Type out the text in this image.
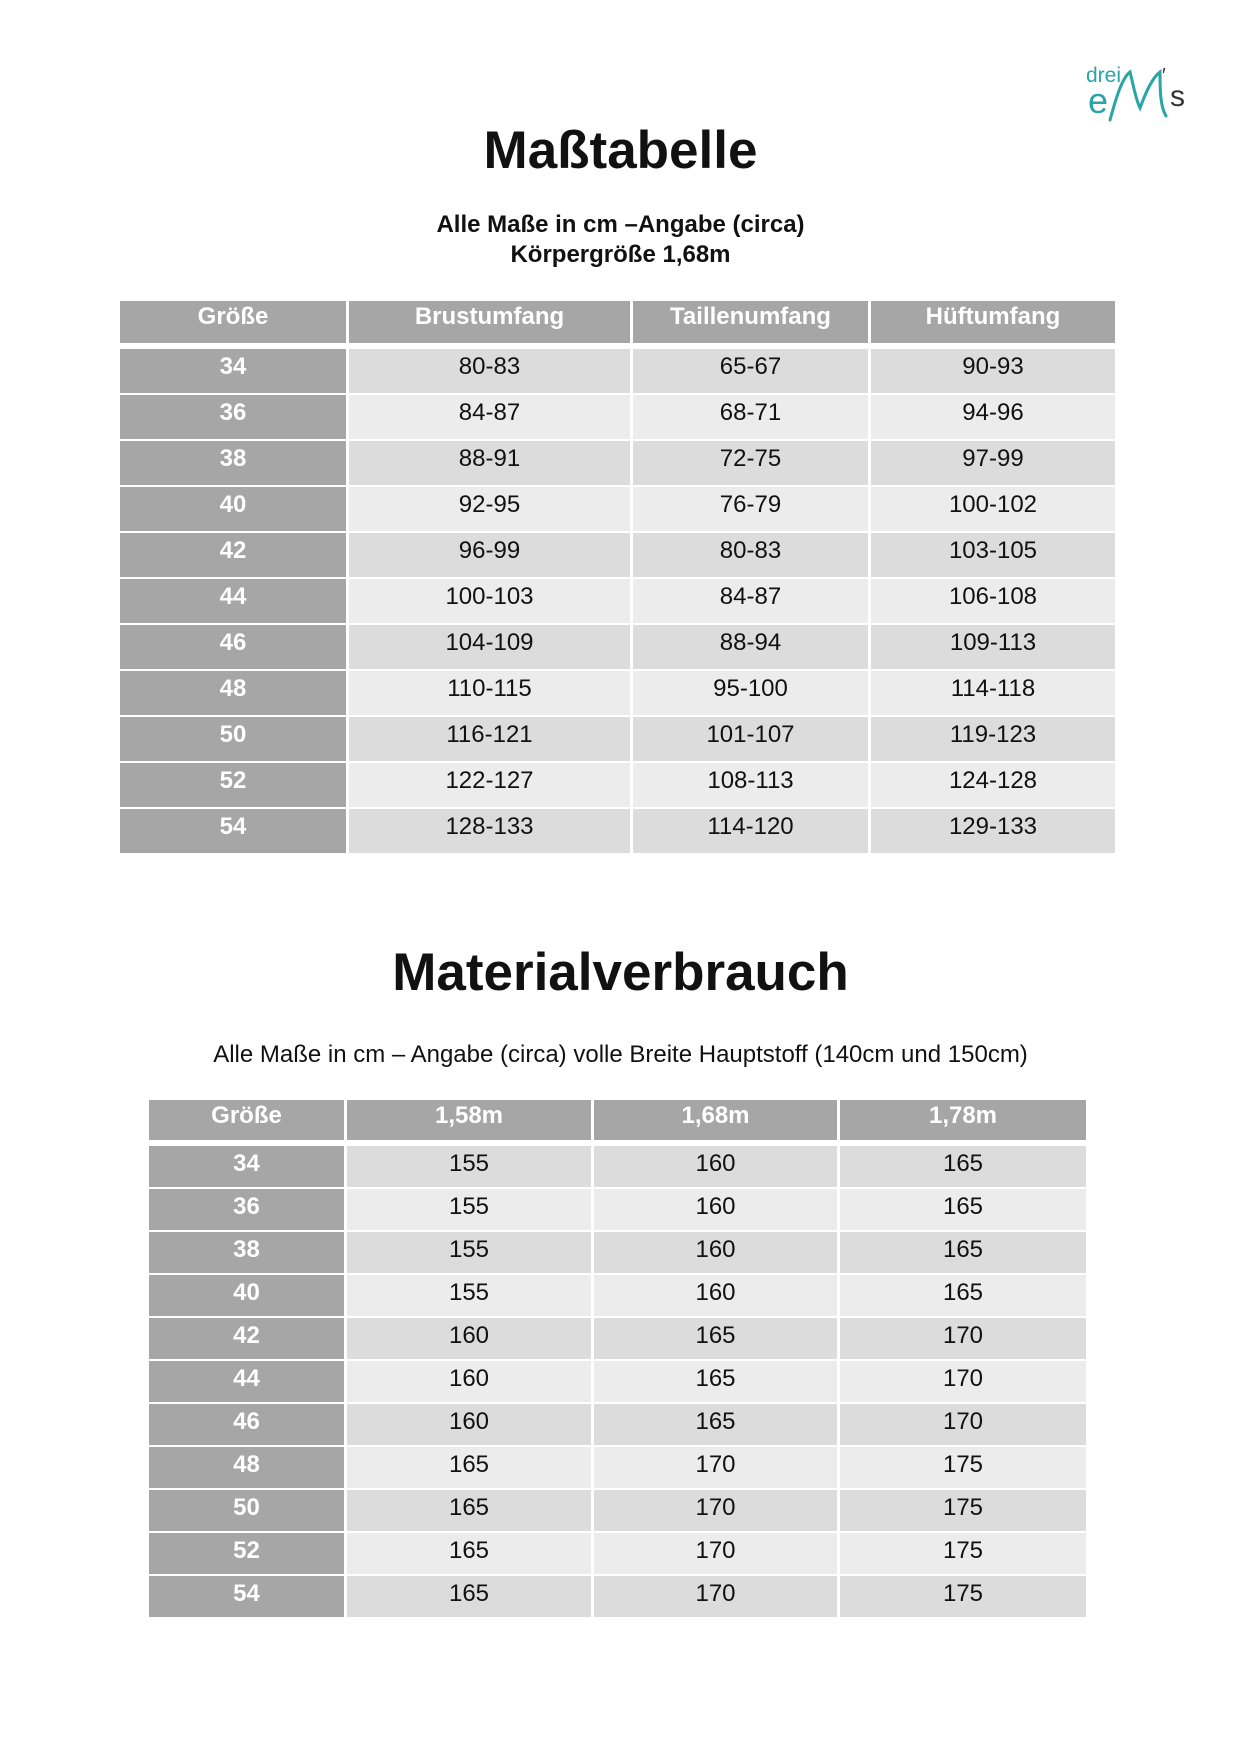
drei
e
′
s
Maßtabelle

Alle Maße in cm –Angabe (circa)

Körpergröße 1,68m

Größe	Brustumfang	Taillenumfang	Hüftumfang
34	80-83	65-67	90-93
36	84-87	68-71	94-96
38	88-91	72-75	97-99
40	92-95	76-79	100-102
42	96-99	80-83	103-105
44	100-103	84-87	106-108
46	104-109	88-94	109-113
48	110-115	95-100	114-118
50	116-121	101-107	119-123
52	122-127	108-113	124-128
54	128-133	114-120	129-133
Materialverbrauch

Alle Maße in cm – Angabe (circa) volle Breite Hauptstoff (140cm und 150cm)

Größe	1,58m	1,68m	1,78m
34	155	160	165
36	155	160	165
38	155	160	165
40	155	160	165
42	160	165	170
44	160	165	170
46	160	165	170
48	165	170	175
50	165	170	175
52	165	170	175
54	165	170	175
